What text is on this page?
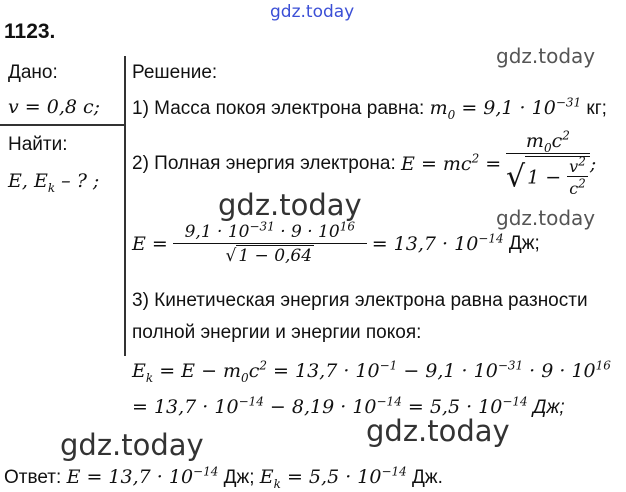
gdz.today
gdz.today
gdz.today	gdz.today
gdz.today	gdz.today
1123.
Дано:
v = 0,8 c;
Найти:
E, $E_k$ – ? ;
Решение:
1) Масса покоя электрона равна: $m_0 = 9,1 \cdot 10^{-31}$ кг;
2) Полная энергия электрона: $E = mc^2 = \frac{m_0c^2}{√ 1 - \frac{v^2}{c^2}}$ ;
$E = \frac{9,1 \cdot 10^{-31} \cdot 9 \cdot 10^{16}}{√ 1 - 0,64} = 13,7 \cdot 10^{-14}$ Дж;
3) Кинетическая энергия электрона равна разности
полной энергии и энергии покоя:
$E_k = E - m_0c^2 = 13,7 \cdot 10^{-1} - 9,1 \cdot 10^{-31} \cdot 9 \cdot 10^{16}$
= $13,7 \cdot 10^{-14} - 8,19 \cdot 10^{-14} = 5,5 \cdot 10^{-14}$ Дж;
Ответ: $E = 13,7 \cdot 10^{-14}$ Дж; $E_k = 5,5 \cdot 10^{-14}$ Дж.
